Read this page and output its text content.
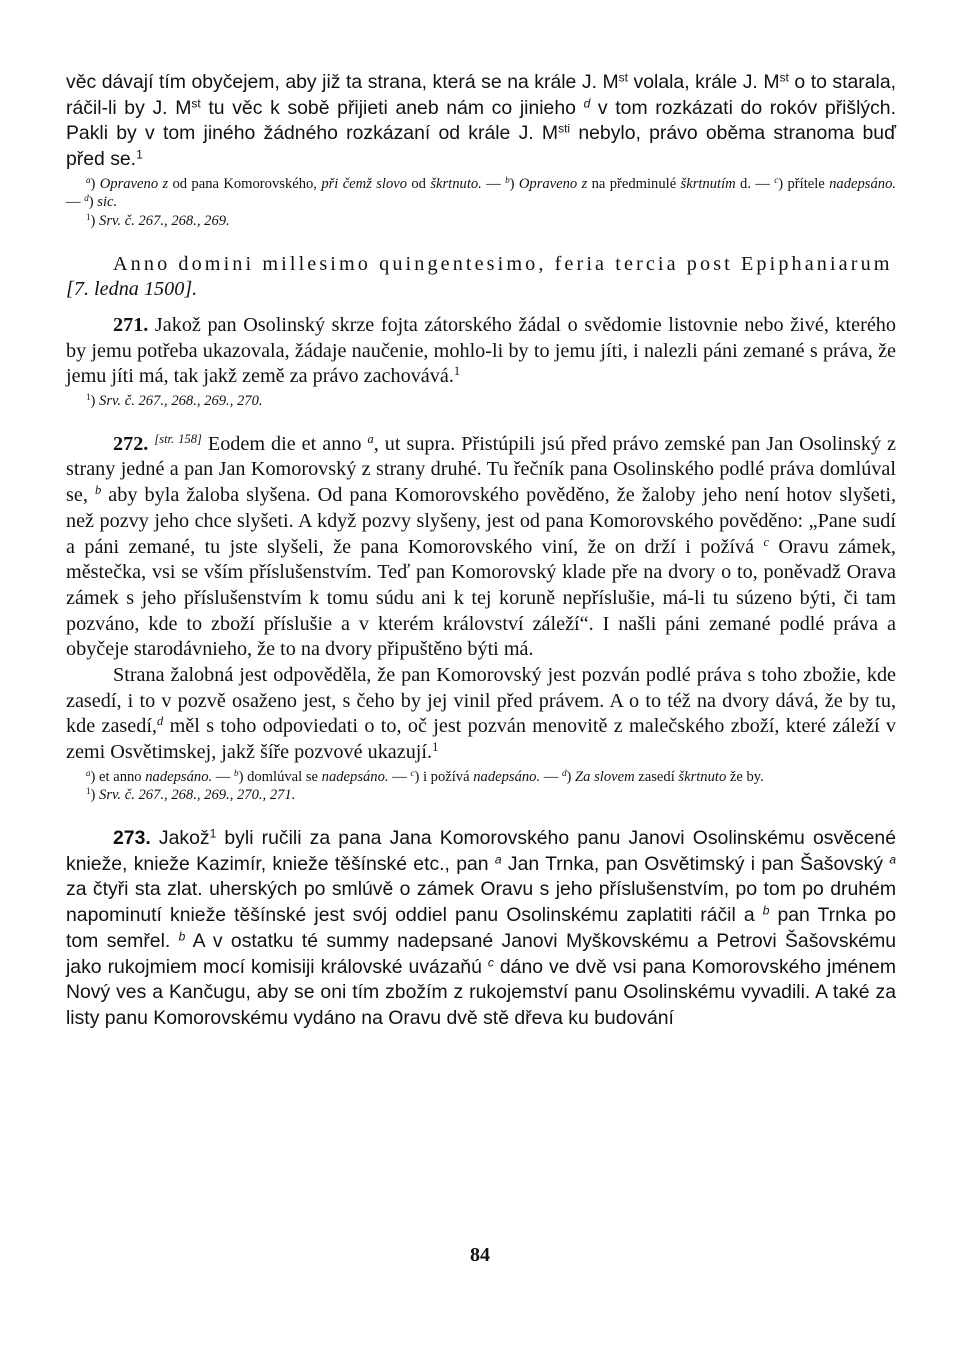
věc dávají tím obyčejem, aby již ta strana, která se na krále J. Mst volala, krále J. Mst o to starala, ráčil-li by J. Mst tu věc k sobě přijieti aneb nám co jinieho $^d$ v tom rozkázati do rokóv přišlých. Pakli by v tom jiného žádného rozkázaní od krále J. $M^{sti}$ nebylo, právo oběma stranoma buď před se.$^1$

$^a$) Opraveno z od pana Komorovského, při čemž slovo od škrtnuto. — $^b$) Opraveno z na předminulé škrtnutím d. — $^c$) přítele nadepsáno. — $^d$) sic.

$^1$) Srv. č. 267., 268., 269.

Anno domini millesimo quingentesimo, feria tercia post Epiphaniarum [7. ledna 1500].

271. Jakož pan Osolinský skrze fojta zátorského žádal o svědomie listovnie nebo živé, kterého by jemu potřeba ukazovala, žádaje naučenie, mohlo-li by to jemu jíti, i nalezli páni zemané s práva, že jemu jíti má, tak jakž země za právo zachovává.$^1$

$^1$) Srv. č. 267., 268., 269., 270.

272. [str. 158] Eodem die et anno $^a$, ut supra. Přistúpili jsú před právo zemské pan Jan Osolinský z strany jedné a pan Jan Komorovský z strany druhé. Tu řečník pana Osolinského podlé práva domlúval se, $^b$ aby byla žaloba slyšena. Od pana Komorovského pověděno, že žaloby jeho není hotov slyšeti, než pozvy jeho chce slyšeti. A když pozvy slyšeny, jest od pana Komorovského pověděno: „Pane sudí a páni zemané, tu jste slyšeli, že pana Komorovského viní, že on drží i požívá $^c$ Oravu zámek, městečka, vsi se vším příslušenstvím. Teď pan Komorovský klade pře na dvory o to, poněvadž Orava zámek s jeho příslušenstvím k tomu súdu ani k tej koruně nepříslušie, má-li tu súzeno býti, či tam pozváno, kde to zboží příslušie a v kterém království záleží“. I našli páni zemané podlé práva a obyčeje starodávnieho, že to na dvory připuštěno býti má.

Strana žalobná jest odpověděla, že pan Komorovský jest pozván podlé práva s toho zbožie, kde zasedí, i to v pozvě osaženo jest, s čeho by jej vinil před právem. A o to též na dvory dává, že by tu, kde zasedí,$^d$ měl s toho odpoviedati o to, oč jest pozván menovitě z malečského zboží, které záleží v zemi Osvětimskej, jakž šíře pozvové ukazují.$^1$

$^a$) et anno nadepsáno. — $^b$) domlúval se nadepsáno. — $^c$) i požívá nadepsáno. — $^d$) Za slovem zasedí škrtnuto že by.

$^1$) Srv. č. 267., 268., 269., 270., 271.

273. Jakož$^1$ byli ručili za pana Jana Komorovského panu Janovi Osolinskému osvěcené knieže, knieže Kazimír, knieže těšínské etc., pan $^a$ Jan Trnka, pan Osvětimský i pan Šašovský $^a$ za čtyři sta zlat. uherských po smlúvě o zámek Oravu s jeho příslušenstvím, po tom po druhém napominutí knieže těšínské jest svój oddiel panu Osolinskému zaplatiti ráčil a $^b$ pan Trnka po tom semřel. $^b$ A v ostatku té summy nadepsané Janovi Myškovskému a Petrovi Šašovskému jako rukojmiem mocí komisiji královské uvázaňú $^c$ dáno ve dvě vsi pana Komorovského jménem Nový ves a Kančugu, aby se oni tím zbožím z rukojemství panu Osolinskému vyvadili. A také za listy panu Komorovskému vydáno na Oravu dvě stě dřeva ku budování

84
